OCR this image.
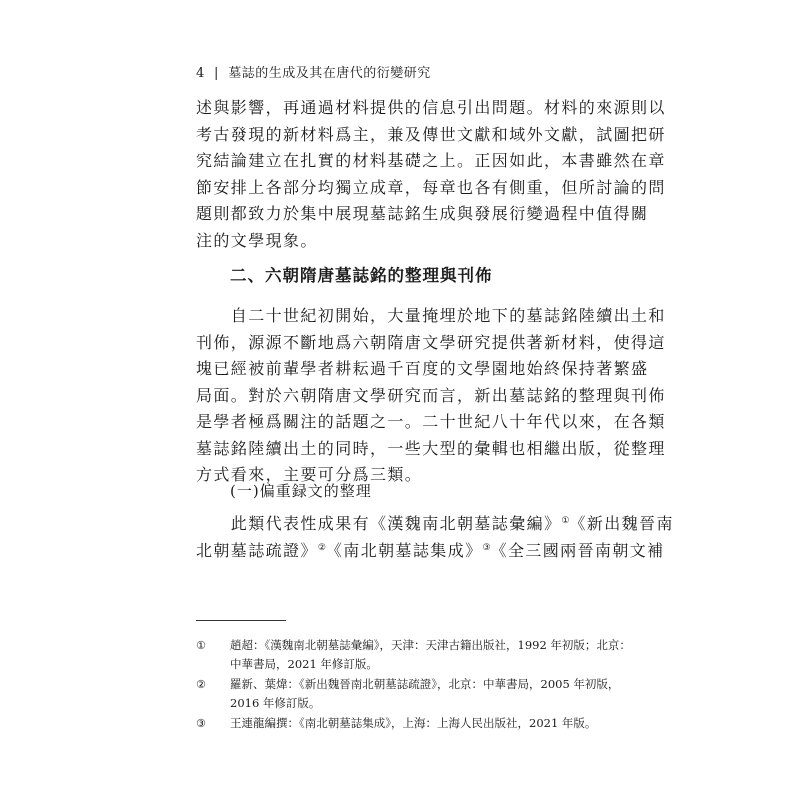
4 | 墓誌的生成及其在唐代的衍變研究

述與影響，再通過材料提供的信息引出問題。材料的來源則以
考古發現的新材料爲主，兼及傳世文獻和域外文獻，試圖把研
究結論建立在扎實的材料基礎之上。正因如此，本書雖然在章
節安排上各部分均獨立成章，每章也各有側重，但所討論的問
題則都致力於集中展現墓誌銘生成與發展衍變過程中值得關
注的文學現象。

二、六朝隋唐墓誌銘的整理與刊佈

　　自二十世紀初開始，大量掩埋於地下的墓誌銘陸續出土和
刊佈，源源不斷地爲六朝隋唐文學研究提供著新材料，使得這
塊已經被前輩學者耕耘過千百度的文學園地始終保持著繁盛
局面。對於六朝隋唐文學研究而言，新出墓誌銘的整理與刊佈
是學者極爲關注的話題之一。二十世紀八十年代以來，在各類
墓誌銘陸續出土的同時，一些大型的彙輯也相繼出版，從整理
方式看來，主要可分爲三類。

(一)偏重録文的整理

　　此類代表性成果有《漢魏南北朝墓誌彙編》①《新出魏晉南
北朝墓誌疏證》②《南北朝墓誌集成》③《全三國兩晉南朝文補

① 趙超：《漢魏南北朝墓誌彙編》，天津：天津古籍出版社，1992 年初版；北京：
中華書局，2021 年修訂版。
② 羅新、葉煒：《新出魏晉南北朝墓誌疏證》，北京：中華書局，2005 年初版，
2016 年修訂版。
③ 王連龍編撰：《南北朝墓誌集成》，上海：上海人民出版社，2021 年版。
